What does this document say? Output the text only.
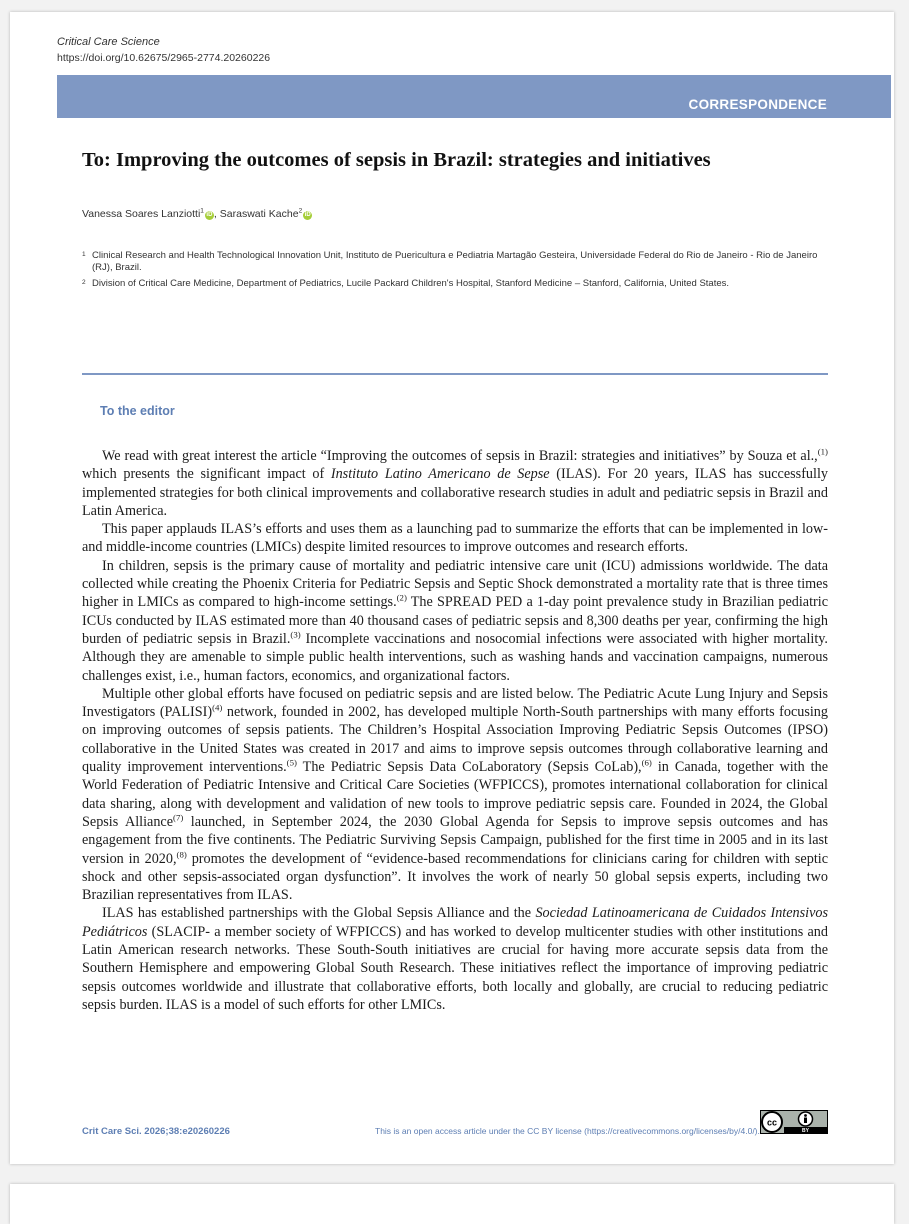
Critical Care Science
https://doi.org/10.62675/2965-2774.20260226
CORRESPONDENCE
To: Improving the outcomes of sepsis in Brazil: strategies and initiatives
Vanessa Soares Lanziotti$^1$iD , Saraswati Kache$^2$iD
1 Clinical Research and Health Technological Innovation Unit, Instituto de Puericultura e Pediatria Martagão Gesteira, Universidade Federal do Rio de Janeiro - Rio de Janeiro (RJ), Brazil.
2 Division of Critical Care Medicine, Department of Pediatrics, Lucile Packard Children's Hospital, Stanford Medicine – Stanford, California, United States.
To the editor

We read with great interest the article “Improving the outcomes of sepsis in Brazil: strategies and initiatives” by Souza et al.,$^{(1)}$ which presents the significant impact of Instituto Latino Americano de Sepse (ILAS). For 20 years, ILAS has successfully implemented strategies for both clinical improvements and collaborative research studies in adult and pediatric sepsis in Brazil and Latin America.

This paper applauds ILAS’s efforts and uses them as a launching pad to summarize the efforts that can be implemented in low- and middle-income countries (LMICs) despite limited resources to improve outcomes and research efforts.

In children, sepsis is the primary cause of mortality and pediatric intensive care unit (ICU) admissions worldwide. The data collected while creating the Phoenix Criteria for Pediatric Sepsis and Septic Shock demonstrated a mortality rate that is three times higher in LMICs as compared to high-income settings.$^{(2)}$ The SPREAD PED a 1-day point prevalence study in Brazilian pediatric ICUs conducted by ILAS estimated more than 40 thousand cases of pediatric sepsis and 8,300 deaths per year, confirming the high burden of pediatric sepsis in Brazil.$^{(3)}$ Incomplete vaccinations and nosocomial infections were associated with higher mortality. Although they are amenable to simple public health interventions, such as washing hands and vaccination campaigns, numerous challenges exist, i.e., human factors, economics, and organizational factors.

Multiple other global efforts have focused on pediatric sepsis and are listed below. The Pediatric Acute Lung Injury and Sepsis Investigators (PALISI)$^{(4)}$ network, founded in 2002, has developed multiple North-South partnerships with many efforts focusing on improving outcomes of sepsis patients. The Children’s Hospital Association Improving Pediatric Sepsis Outcomes (IPSO) collaborative in the United States was created in 2017 and aims to improve sepsis outcomes through collaborative learning and quality improvement interventions.$^{(5)}$ The Pediatric Sepsis Data CoLaboratory (Sepsis CoLab),$^{(6)}$ in Canada, together with the World Federation of Pediatric Intensive and Critical Care Societies (WFPICCS), promotes international collaboration for clinical data sharing, along with development and validation of new tools to improve pediatric sepsis care. Founded in 2024, the Global Sepsis Alliance$^{(7)}$ launched, in September 2024, the 2030 Global Agenda for Sepsis to improve sepsis outcomes and has engagement from the five continents. The Pediatric Surviving Sepsis Campaign, published for the first time in 2005 and in its last version in 2020,$^{(8)}$ promotes the development of “evidence-based recommendations for clinicians caring for children with septic shock and other sepsis-associated organ dysfunction”. It involves the work of nearly 50 global sepsis experts, including two Brazilian representatives from ILAS.

ILAS has established partnerships with the Global Sepsis Alliance and the Sociedad Latinoamericana de Cuidados Intensivos Pediátricos (SLACIP- a member society of WFPICCS) and has worked to develop multicenter studies with other institutions and Latin American research networks. These South-South initiatives are crucial for having more accurate sepsis data from the Southern Hemisphere and empowering Global South Research. These initiatives reflect the importance of improving pediatric sepsis outcomes worldwide and illustrate that collaborative efforts, both locally and globally, are crucial to reducing pediatric sepsis burden. ILAS is a model of such efforts for other LMICs.

Crit Care Sci. 2026;38:e20260226	This is an open access article under the CC BY license (https://creativecommons.org/licenses/by/4.0/).	BY
cc
